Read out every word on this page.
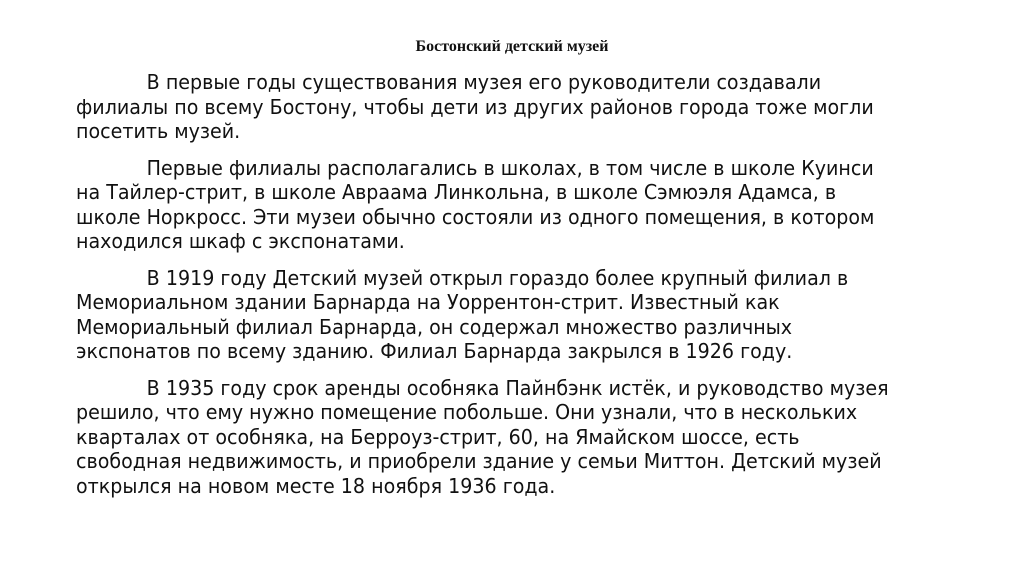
Бостонский детский музей

В первые годы существования музея его руководители создавали филиалы по всему Бостону, чтобы дети из других районов города тоже могли посетить музей.

Первые филиалы располагались в школах, в том числе в школе Куинси на Тайлер-стрит, в школе Авраама Линкольна, в школе Сэмюэля Адамса, в школе Норкросс. Эти музеи обычно состояли из одного помещения, в котором находился шкаф с экспонатами.

В 1919 году Детский музей открыл гораздо более крупный филиал в Мемориальном здании Барнарда на Уоррентон-стрит. Известный как Мемориальный филиал Барнарда, он содержал множество различных экспонатов по всему зданию. Филиал Барнарда закрылся в 1926 году.

В 1935 году срок аренды особняка Пайнбэнк истёк, и руководство музея решило, что ему нужно помещение побольше. Они узнали, что в нескольких кварталах от особняка, на Берроуз-стрит, 60, на Ямайском шоссе, есть свободная недвижимость, и приобрели здание у семьи Миттон. Детский музей открылся на новом месте 18 ноября 1936 года.
